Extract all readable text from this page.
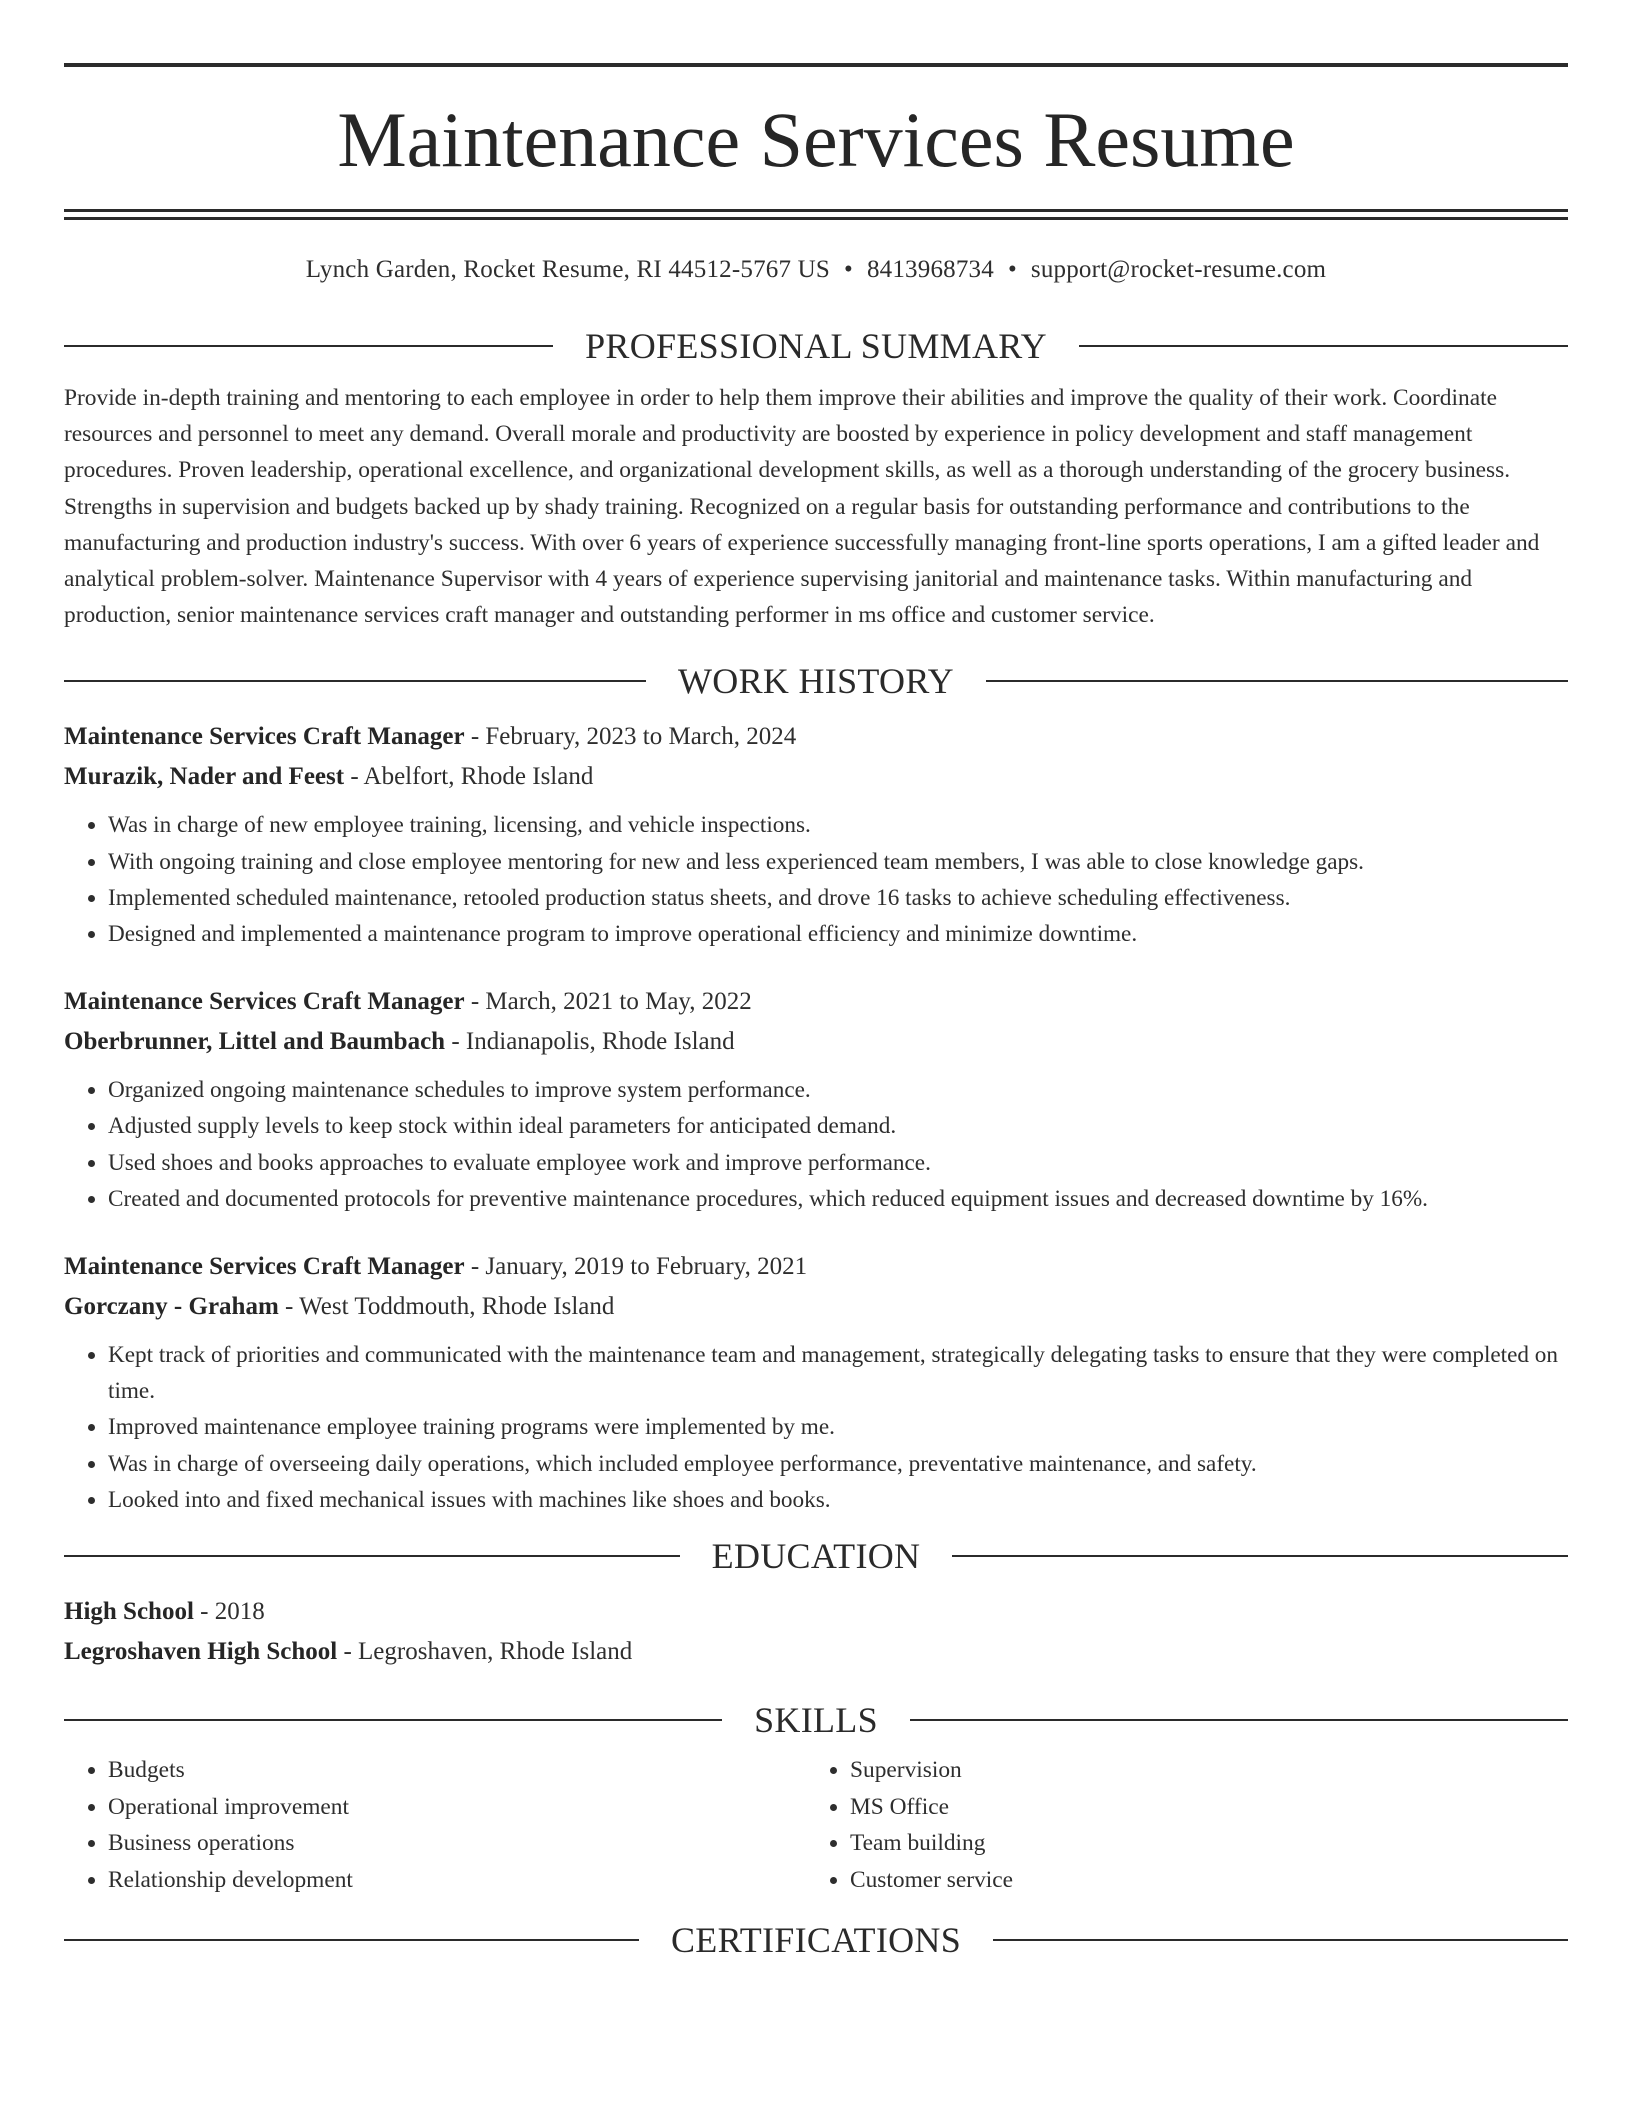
Maintenance Services Resume
Lynch Garden, Rocket Resume, RI 44512-5767 US • 8413968734 • support@rocket-resume.com
PROFESSIONAL SUMMARY
Provide in-depth training and mentoring to each employee in order to help them improve their abilities and improve the quality of their work. Coordinate resources and personnel to meet any demand. Overall morale and productivity are boosted by experience in policy development and staff management procedures. Proven leadership, operational excellence, and organizational development skills, as well as a thorough understanding of the grocery business. Strengths in supervision and budgets backed up by shady training. Recognized on a regular basis for outstanding performance and contributions to the manufacturing and production industry's success. With over 6 years of experience successfully managing front-line sports operations, I am a gifted leader and analytical problem-solver. Maintenance Supervisor with 4 years of experience supervising janitorial and maintenance tasks. Within manufacturing and production, senior maintenance services craft manager and outstanding performer in ms office and customer service.
WORK HISTORY
Maintenance Services Craft Manager - February, 2023 to March, 2024
Murazik, Nader and Feest - Abelfort, Rhode Island
• Was in charge of new employee training, licensing, and vehicle inspections.
• With ongoing training and close employee mentoring for new and less experienced team members, I was able to close knowledge gaps.
• Implemented scheduled maintenance, retooled production status sheets, and drove 16 tasks to achieve scheduling effectiveness.
• Designed and implemented a maintenance program to improve operational efficiency and minimize downtime.
Maintenance Services Craft Manager - March, 2021 to May, 2022
Oberbrunner, Littel and Baumbach - Indianapolis, Rhode Island
• Organized ongoing maintenance schedules to improve system performance.
• Adjusted supply levels to keep stock within ideal parameters for anticipated demand.
• Used shoes and books approaches to evaluate employee work and improve performance.
• Created and documented protocols for preventive maintenance procedures, which reduced equipment issues and decreased downtime by 16%.
Maintenance Services Craft Manager - January, 2019 to February, 2021
Gorczany - Graham - West Toddmouth, Rhode Island
• Kept track of priorities and communicated with the maintenance team and management, strategically delegating tasks to ensure that they were completed on time.
• Improved maintenance employee training programs were implemented by me.
• Was in charge of overseeing daily operations, which included employee performance, preventative maintenance, and safety.
• Looked into and fixed mechanical issues with machines like shoes and books.
EDUCATION
High School - 2018
Legroshaven High School - Legroshaven, Rhode Island
SKILLS
• Budgets
• Operational improvement
• Business operations
• Relationship development
• Supervision
• MS Office
• Team building
• Customer service
CERTIFICATIONS
